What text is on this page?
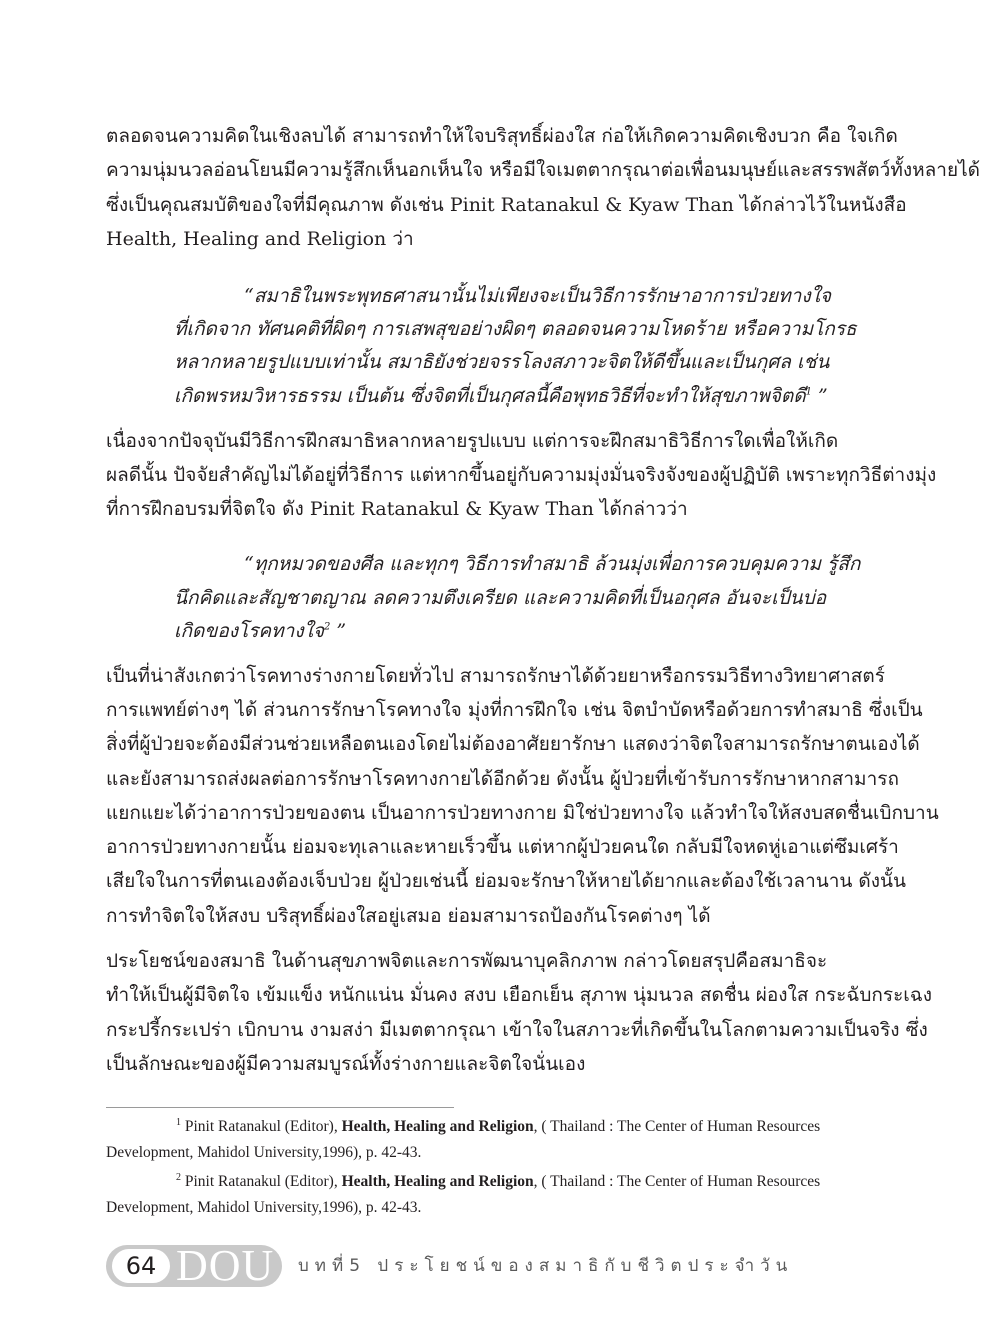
ตลอดจนความคิดในเชิงลบได้ สามารถทำให้ใจบริสุทธิ์ผ่องใส ก่อให้เกิดความคิดเชิงบวก คือ ใจเกิด
ความนุ่มนวลอ่อนโยนมีความรู้สึกเห็นอกเห็นใจ หรือมีใจเมตตากรุณาต่อเพื่อนมนุษย์และสรรพสัตว์ทั้งหลายได้
ซึ่งเป็นคุณสมบัติของใจที่มีคุณภาพ ดังเช่น Pinit Ratanakul & Kyaw Than ได้กล่าวไว้ในหนังสือ
Health, Healing and Religion ว่า
“สมาธิในพระพุทธศาสนานั้นไม่เพียงจะเป็นวิธีการรักษาอาการป่วยทางใจ
ที่เกิดจาก ทัศนคติที่ผิดๆ การเสพสุขอย่างผิดๆ ตลอดจนความโหดร้าย หรือความโกรธ
หลากหลายรูปแบบเท่านั้น สมาธิยังช่วยจรรโลงสภาวะจิตให้ดีขึ้นและเป็นกุศล เช่น
เกิดพรหมวิหารธรรม เป็นต้น ซึ่งจิตที่เป็นกุศลนี้คือพุทธวิธีที่จะทำให้สุขภาพจิตดี$^1$ ”
เนื่องจากปัจจุบันมีวิธีการฝึกสมาธิหลากหลายรูปแบบ แต่การจะฝึกสมาธิวิธีการใดเพื่อให้เกิด
ผลดีนั้น ปัจจัยสำคัญไม่ได้อยู่ที่วิธีการ แต่หากขึ้นอยู่กับความมุ่งมั่นจริงจังของผู้ปฏิบัติ เพราะทุกวิธีต่างมุ่ง
ที่การฝึกอบรมที่จิตใจ ดัง Pinit Ratanakul & Kyaw Than ได้กล่าวว่า
“ทุกหมวดของศีล และทุกๆ วิธีการทำสมาธิ ล้วนมุ่งเพื่อการควบคุมความ รู้สึก
นึกคิดและสัญชาตญาณ ลดความตึงเครียด และความคิดที่เป็นอกุศล อันจะเป็นบ่อ
เกิดของโรคทางใจ$^2$ ”
เป็นที่น่าสังเกตว่าโรคทางร่างกายโดยทั่วไป สามารถรักษาได้ด้วยยาหรือกรรมวิธีทางวิทยาศาสตร์
การแพทย์ต่างๆ ได้ ส่วนการรักษาโรคทางใจ มุ่งที่การฝึกใจ เช่น จิตบำบัดหรือด้วยการทำสมาธิ ซึ่งเป็น
สิ่งที่ผู้ป่วยจะต้องมีส่วนช่วยเหลือตนเองโดยไม่ต้องอาศัยยารักษา แสดงว่าจิตใจสามารถรักษาตนเองได้
และยังสามารถส่งผลต่อการรักษาโรคทางกายได้อีกด้วย ดังนั้น ผู้ป่วยที่เข้ารับการรักษาหากสามารถ
แยกแยะได้ว่าอาการป่วยของตน เป็นอาการป่วยทางกาย มิใช่ป่วยทางใจ แล้วทำใจให้สงบสดชื่นเบิกบาน
อาการป่วยทางกายนั้น ย่อมจะทุเลาและหายเร็วขึ้น แต่หากผู้ป่วยคนใด กลับมีใจหดหู่เอาแต่ซึมเศร้า
เสียใจในการที่ตนเองต้องเจ็บป่วย ผู้ป่วยเช่นนี้ ย่อมจะรักษาให้หายได้ยากและต้องใช้เวลานาน ดังนั้น
การทำจิตใจให้สงบ บริสุทธิ์ผ่องใสอยู่เสมอ ย่อมสามารถป้องกันโรคต่างๆ ได้
ประโยชน์ของสมาธิ ในด้านสุขภาพจิตและการพัฒนาบุคลิกภาพ กล่าวโดยสรุปคือสมาธิจะ
ทำให้เป็นผู้มีจิตใจ เข้มแข็ง หนักแน่น มั่นคง สงบ เยือกเย็น สุภาพ นุ่มนวล สดชื่น ผ่องใส กระฉับกระเฉง
กระปรี้กระเปร่า เบิกบาน งามสง่า มีเมตตากรุณา เข้าใจในสภาวะที่เกิดขึ้นในโลกตามความเป็นจริง ซึ่ง
เป็นลักษณะของผู้มีความสมบูรณ์ทั้งร่างกายและจิตใจนั่นเอง
$^1$ Pinit Ratanakul (Editor), Health, Healing and Religion, ( Thailand : The Center of Human Resources
Development, Mahidol University,1996), p. 42-43.
$^2$ Pinit Ratanakul (Editor), Health, Healing and Religion, ( Thailand : The Center of Human Resources
Development, Mahidol University,1996), p. 42-43.
64 DOU บทที่5 ประโยชน์ของสมาธิกับชีวิตประจำวัน
